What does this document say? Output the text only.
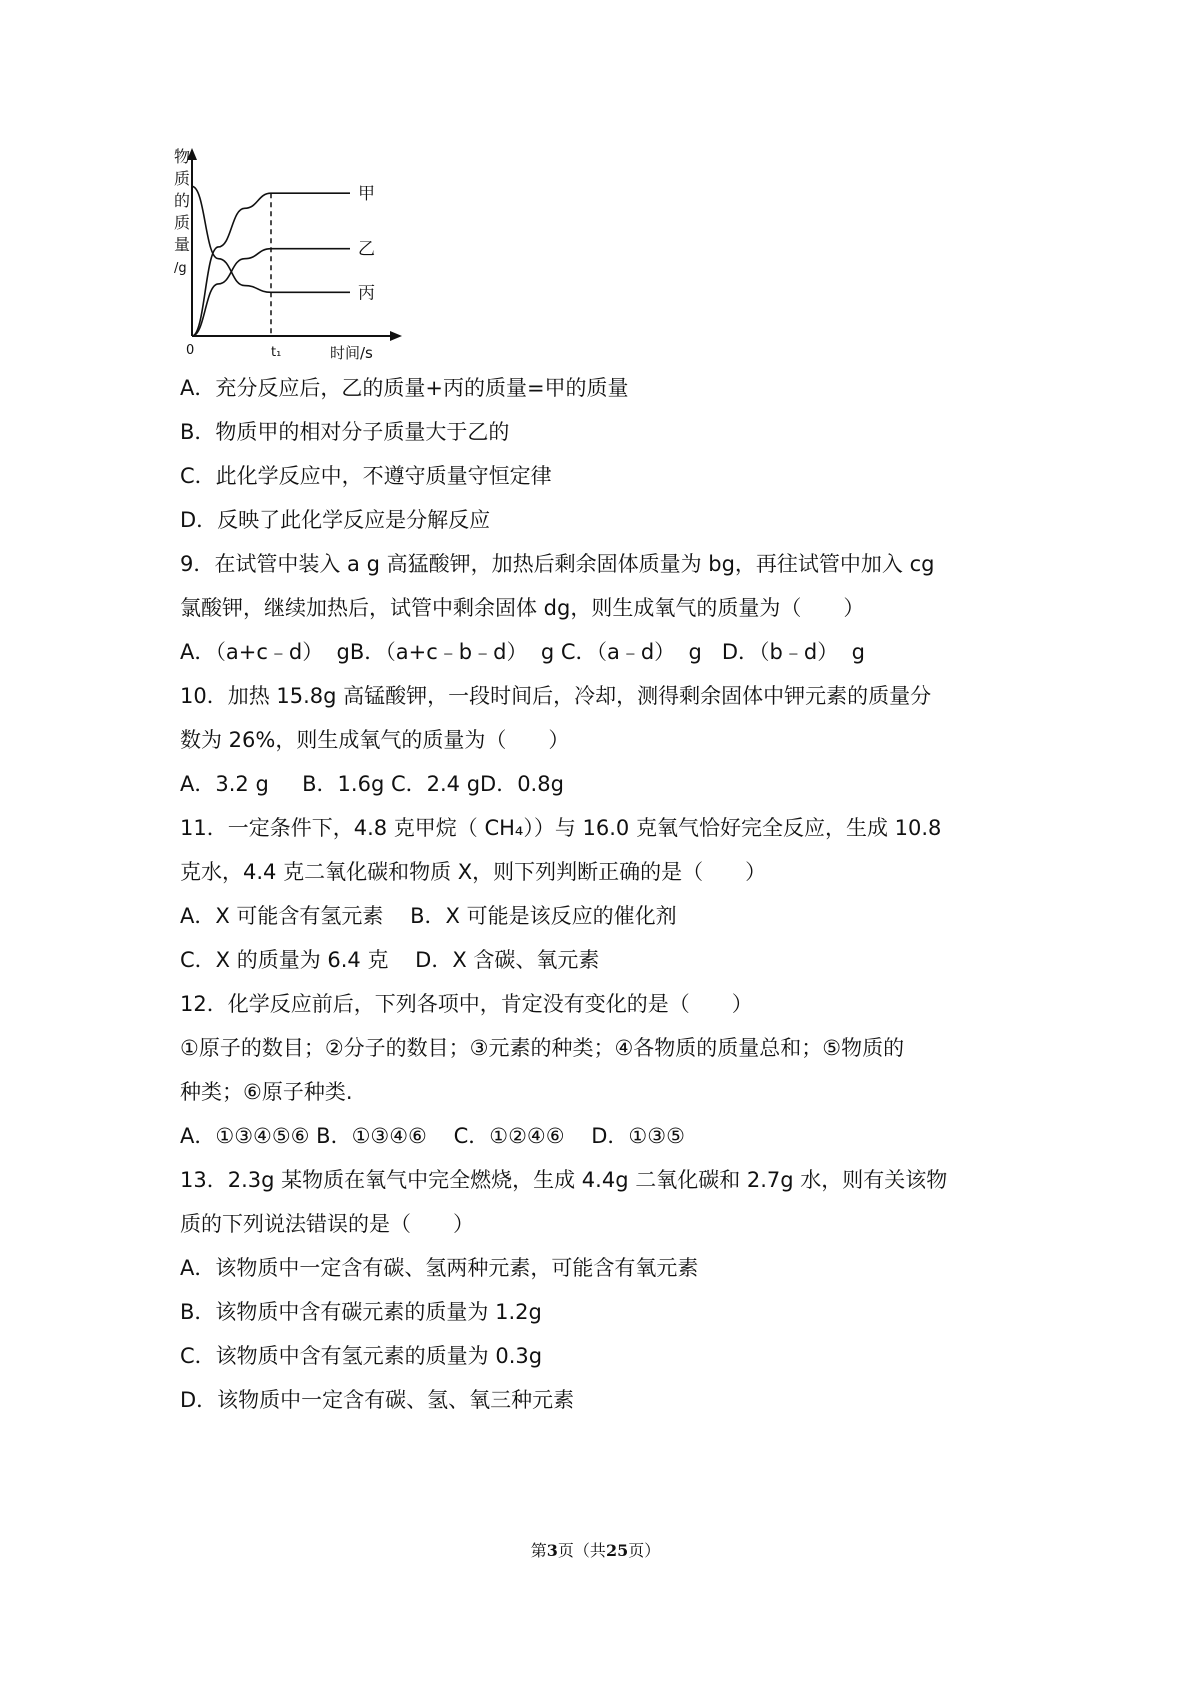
物
质
的
质
量
/g
0	t₁	时间/s
甲
乙
丙
A．充分反应后，乙的质量+丙的质量=甲的质量
B．物质甲的相对分子质量大于乙的
C．此化学反应中，不遵守质量守恒定律
D．反映了此化学反应是分解反应
9．在试管中装入 a g 高猛酸钾，加热后剩余固体质量为 bg，再往试管中加入 cg
氯酸钾，继续加热后，试管中剩余固体 dg，则生成氧气的质量为（　　）
A．（a+c﹣d）  gB．（a+c﹣b﹣d）  g C．（a﹣d）  g   D．（b﹣d）  g
10．加热 15.8g 高锰酸钾，一段时间后，冷却，测得剩余固体中钾元素的质量分
数为 26%，则生成氧气的质量为（　　）
A．3.2 g     B．1.6g C．2.4 gD．0.8g
11．一定条件下，4.8 克甲烷（ CH₄））与 16.0 克氧气恰好完全反应，生成 10.8
克水，4.4 克二氧化碳和物质 X，则下列判断正确的是（　　）
A．X 可能含有氢元素    B．X 可能是该反应的催化剂
C．X 的质量为 6.4 克    D．X 含碳、氧元素
12．化学反应前后，下列各项中，肯定没有变化的是（　　）
①原子的数目；②分子的数目；③元素的种类；④各物质的质量总和；⑤物质的
种类；⑥原子种类.
A．①③④⑤⑥ B．①③④⑥    C．①②④⑥    D．①③⑤
13．2.3g 某物质在氧气中完全燃烧，生成 4.4g 二氧化碳和 2.7g 水，则有关该物
质的下列说法错误的是（　　）
A．该物质中一定含有碳、氢两种元素，可能含有氧元素
B．该物质中含有碳元素的质量为 1.2g
C．该物质中含有氢元素的质量为 0.3g
D．该物质中一定含有碳、氢、氧三种元素
第3页（共25页）
